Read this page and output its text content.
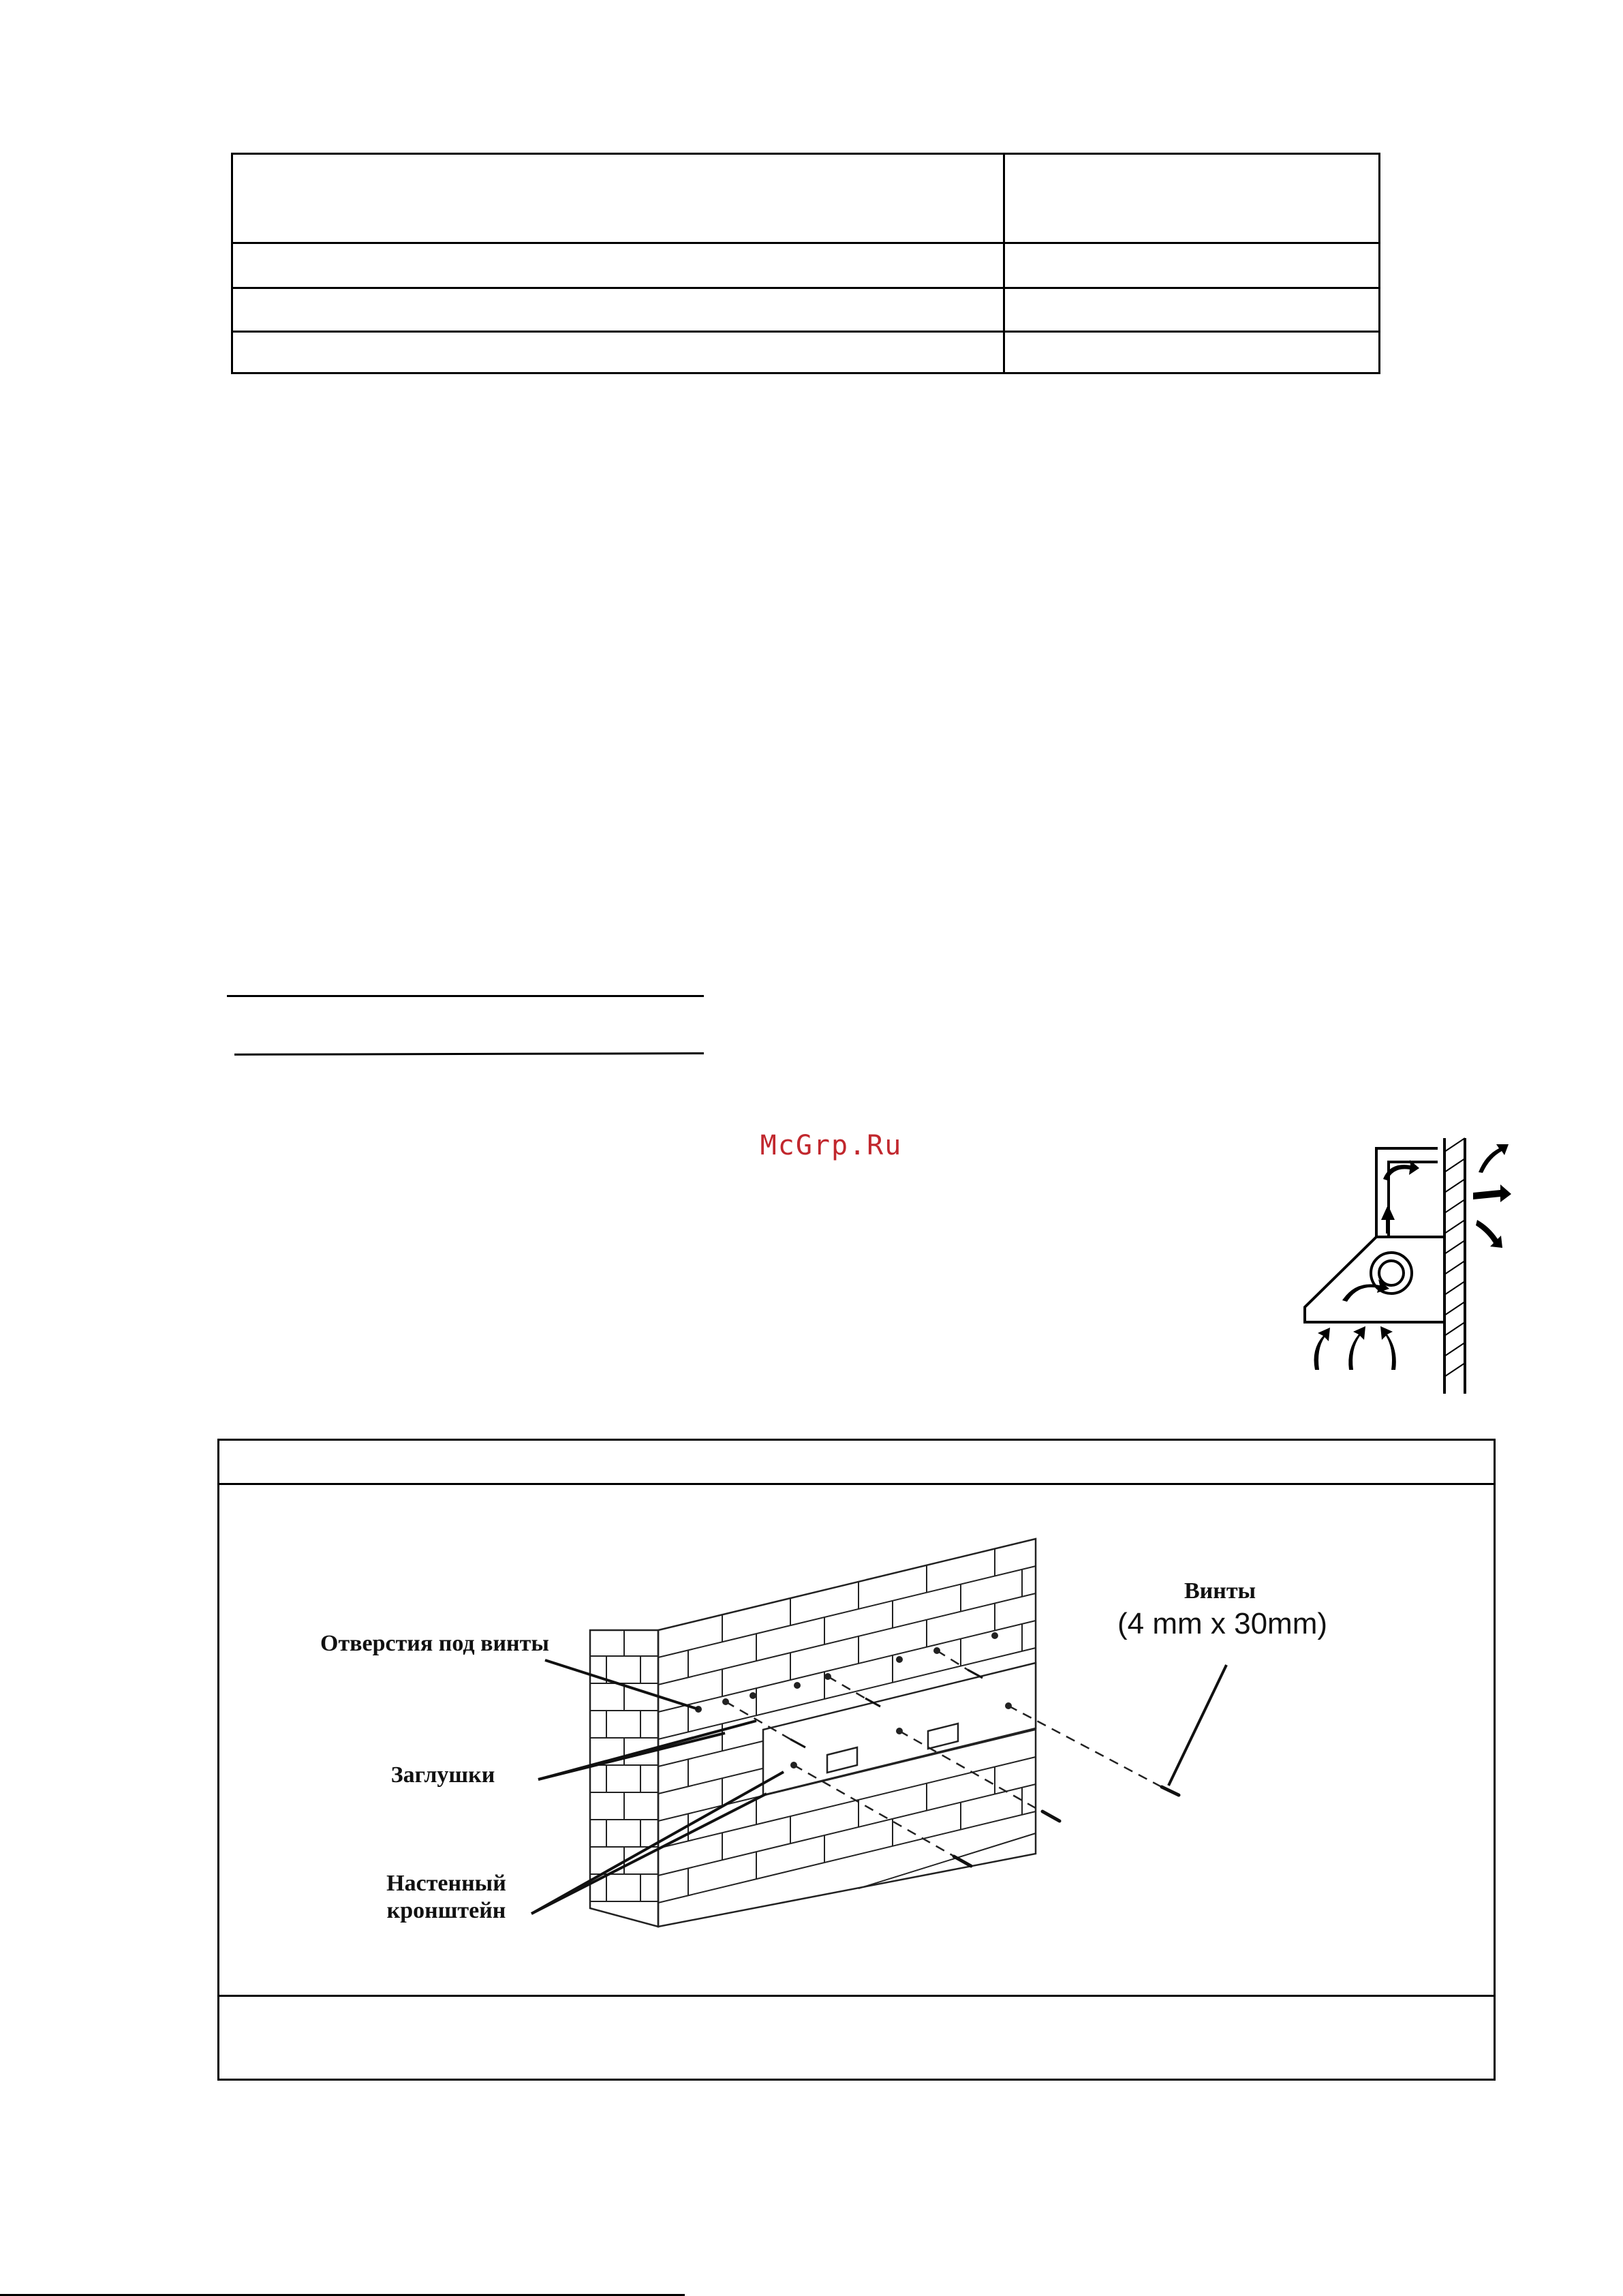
McGrp.Ru
Отверстия под винты
Заглушки
Настенный кронштейн
Винты
(4 mm x 30mm)
